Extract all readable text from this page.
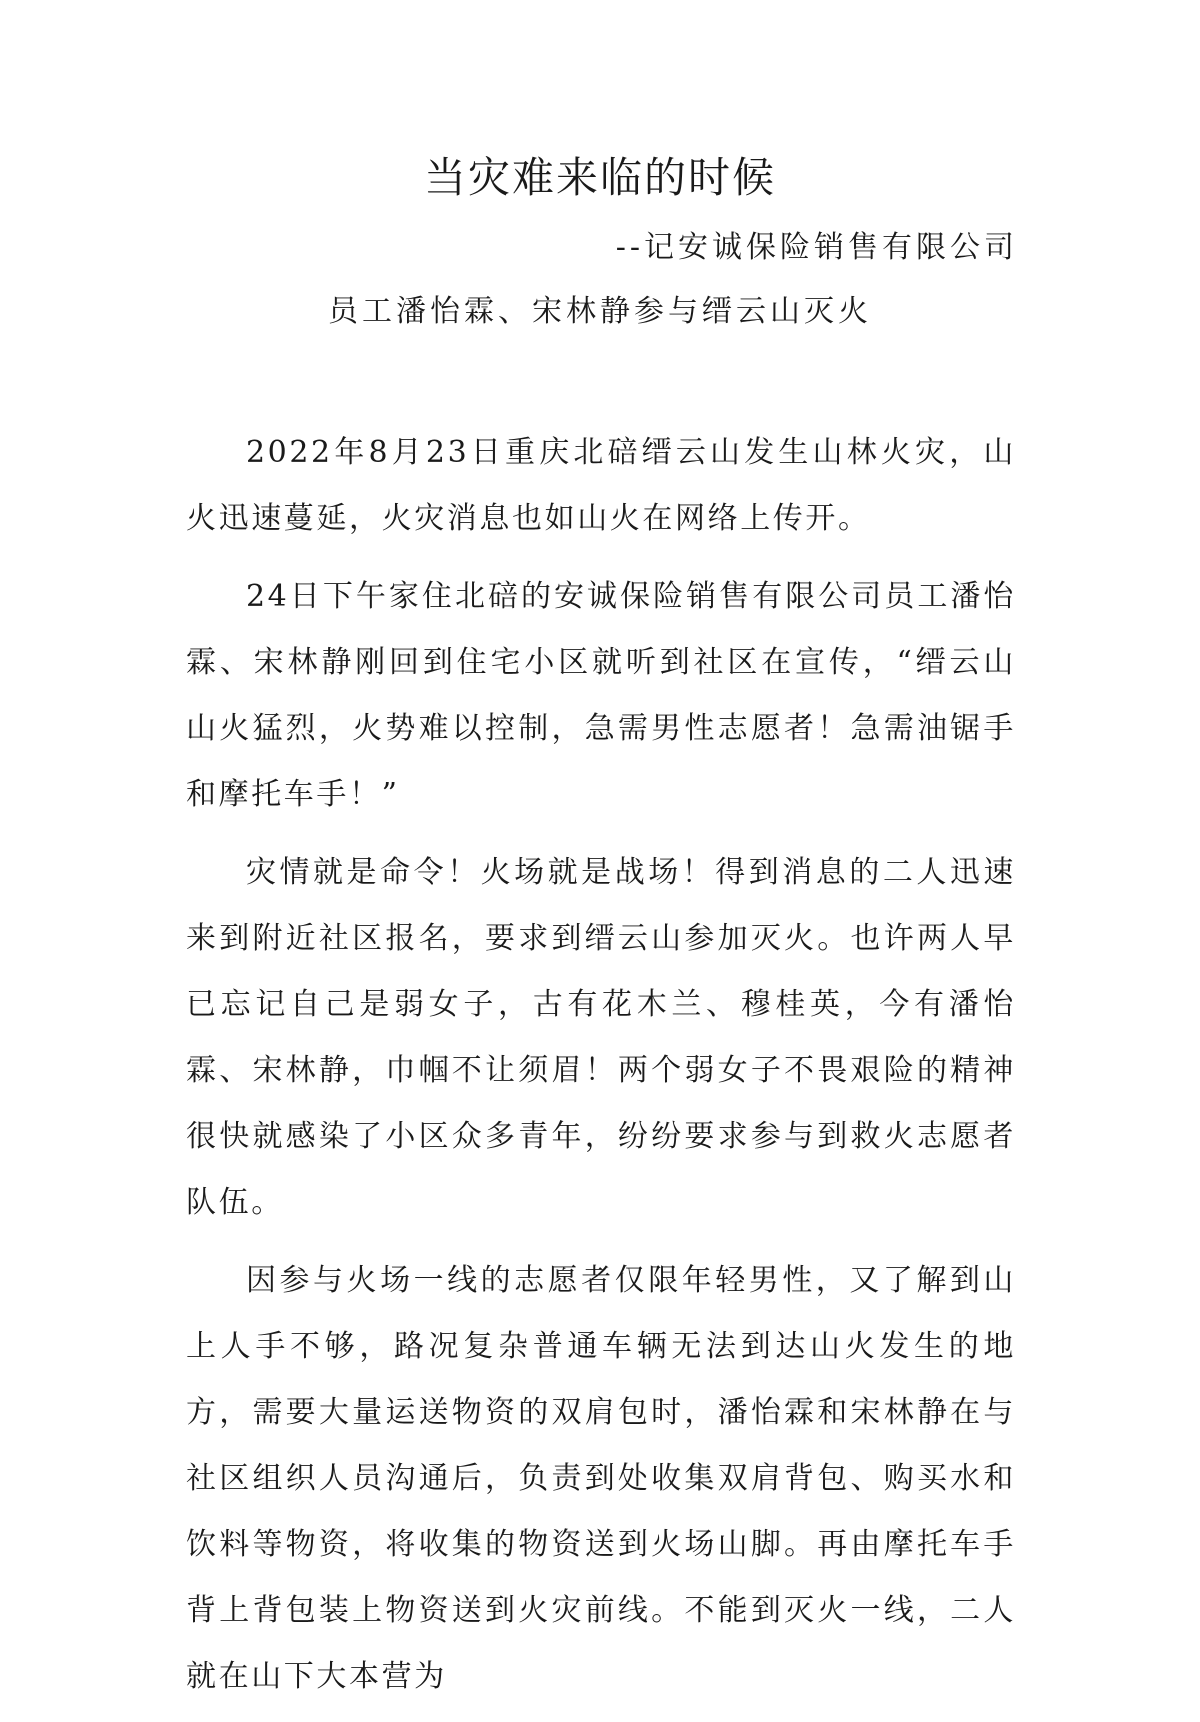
当灾难来临的时候
--记安诚保险销售有限公司
员工潘怡霖、宋林静参与缙云山灭火

2022年8月23日重庆北碚缙云山发生山林火灾，山火迅速蔓延，火灾消息也如山火在网络上传开。

24日下午家住北碚的安诚保险销售有限公司员工潘怡霖、宋林静刚回到住宅小区就听到社区在宣传，“缙云山山火猛烈，火势难以控制，急需男性志愿者！急需油锯手和摩托车手！”

灾情就是命令！火场就是战场！得到消息的二人迅速来到附近社区报名，要求到缙云山参加灭火。也许两人早已忘记自己是弱女子，古有花木兰、穆桂英，今有潘怡霖、宋林静，巾帼不让须眉！两个弱女子不畏艰险的精神很快就感染了小区众多青年，纷纷要求参与到救火志愿者队伍。

因参与火场一线的志愿者仅限年轻男性，又了解到山上人手不够，路况复杂普通车辆无法到达山火发生的地方，需要大量运送物资的双肩包时，潘怡霖和宋林静在与社区组织人员沟通后，负责到处收集双肩背包、购买水和饮料等物资，将收集的物资送到火场山脚。再由摩托车手背上背包装上物资送到火灾前线。不能到灭火一线，二人就在山下大本营为
